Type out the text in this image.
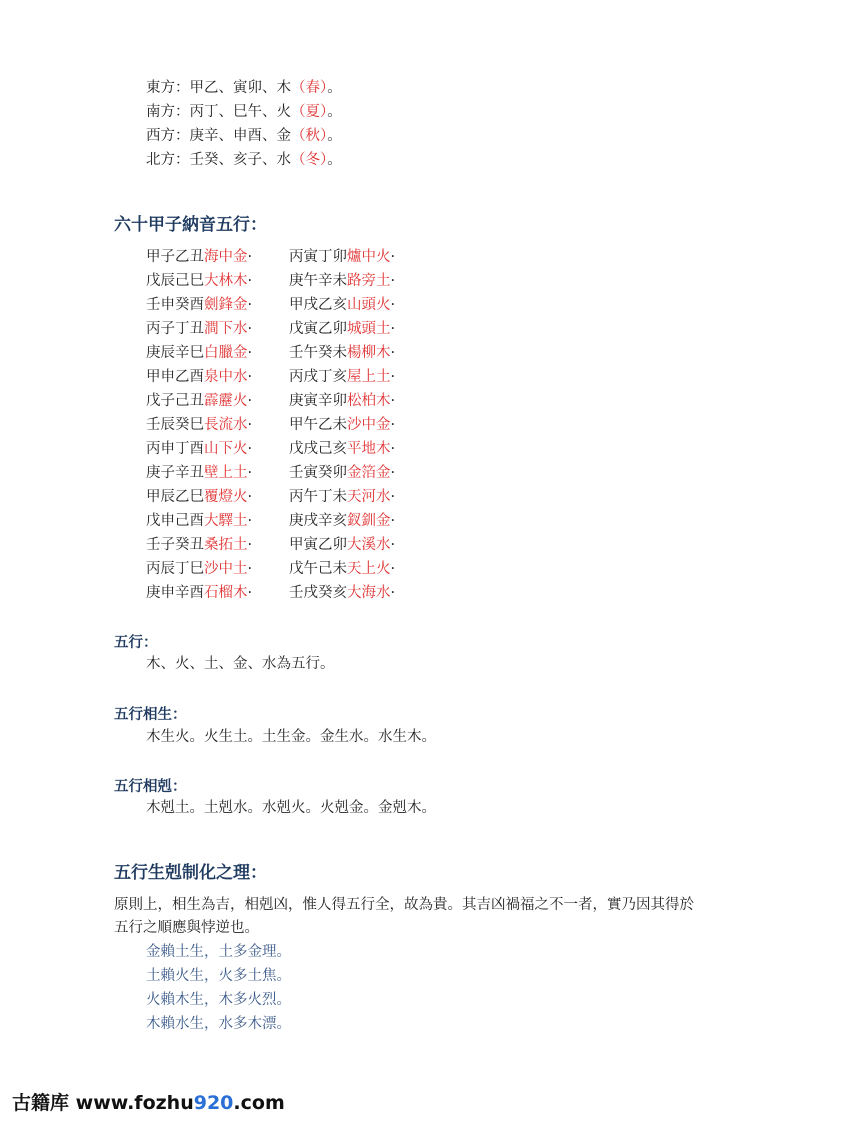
東方：甲乙、寅卯、木（春）。
南方：丙丁、巳午、火（夏）。
西方：庚辛、申酉、金（秋）。
北方：壬癸、亥子、水（冬）。
六十甲子納音五行：
甲子乙丑海中金·	丙寅丁卯爐中火·
戊辰己巳大林木·	庚午辛未路旁土·
壬申癸酉劍鋒金·	甲戌乙亥山頭火·
丙子丁丑澗下水·	戊寅乙卯城頭土·
庚辰辛巳白臘金·	壬午癸未楊柳木·
甲申乙酉泉中水·	丙戌丁亥屋上土·
戊子己丑霹靂火·	庚寅辛卯松柏木·
壬辰癸巳長流水·	甲午乙未沙中金·
丙申丁酉山下火·	戊戌己亥平地木·
庚子辛丑壁上土·	壬寅癸卯金箔金·
甲辰乙巳覆燈火·	丙午丁未天河水·
戊申己酉大驛土·	庚戌辛亥釵釧金·
壬子癸丑桑拓土·	甲寅乙卯大溪水·
丙辰丁巳沙中土·	戊午己未天上火·
庚申辛酉石榴木·	壬戌癸亥大海水·
五行：
木、火、土、金、水為五行。
五行相生：
木生火。火生土。土生金。金生水。水生木。
五行相剋：
木剋土。土剋水。水剋火。火剋金。金剋木。
五行生剋制化之理：
原則上，相生為吉，相剋凶，惟人得五行全，故為貴。其吉凶禍福之不一者，實乃因其得於
五行之順應與悖逆也。
金賴土生，土多金理。
土賴火生，火多土焦。
火賴木生，木多火烈。
木賴水生，水多木漂。
古籍库 www.fozhu920.com
